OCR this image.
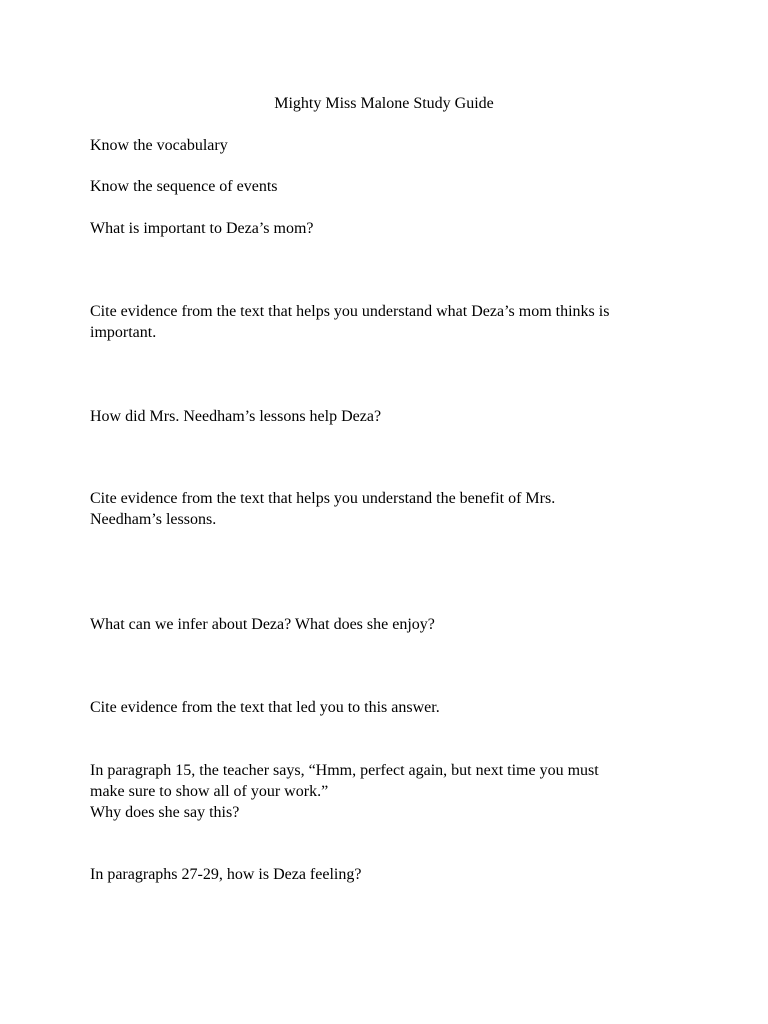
Mighty Miss Malone Study Guide

Know the vocabulary

Know the sequence of events

What is important to Deza’s mom?

Cite evidence from the text that helps you understand what Deza’s mom thinks is

important.

How did Mrs. Needham’s lessons help Deza?

Cite evidence from the text that helps you understand the benefit of Mrs.

Needham’s lessons.

What can we infer about Deza? What does she enjoy?

Cite evidence from the text that led you to this answer.

In paragraph 15, the teacher says, “Hmm, perfect again, but next time you must

make sure to show all of your work.”

Why does she say this?

In paragraphs 27-29, how is Deza feeling?
